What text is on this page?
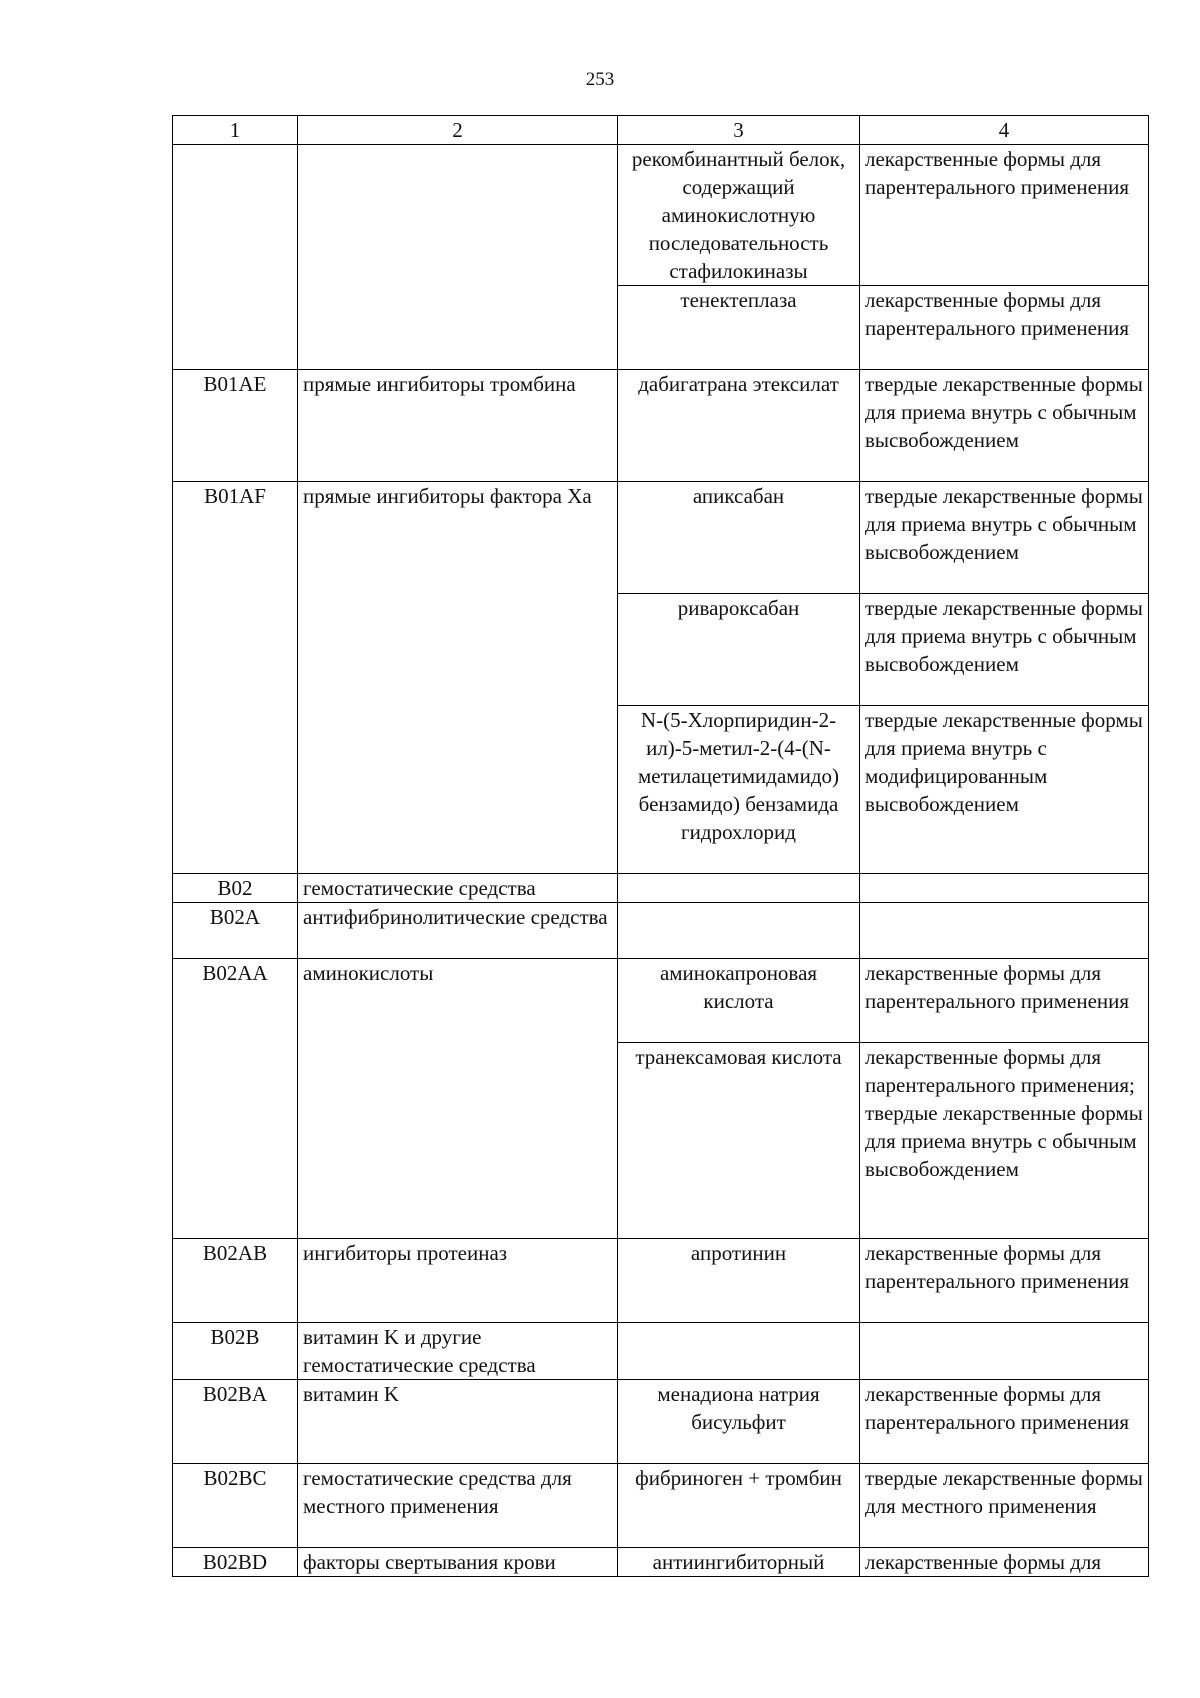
253
1	2	3	4
		рекомбинантный белок, содержащий аминокислотную последовательность стафилокиназы	лекарственные формы для парентерального применения
		тенектеплаза	лекарственные формы для парентерального применения
B01AE	прямые ингибиторы тромбина	дабигатрана этексилат	твердые лекарственные формы для приема внутрь с обычным высвобождением
B01AF	прямые ингибиторы фактора Xa	апиксабан	твердые лекарственные формы для приема внутрь с обычным высвобождением
		ривароксабан	твердые лекарственные формы для приема внутрь с обычным высвобождением
		N-(5-Хлорпиридин-2-ил)-5-метил-2-(4-(N-метилацетимидамидо) бензамидо) бензамида гидрохлорид	твердые лекарственные формы для приема внутрь с модифицированным высвобождением
B02	гемостатические средства		
B02A	антифибринолитические средства		
B02AA	аминокислоты	аминокапроновая кислота	лекарственные формы для парентерального применения
		транексамовая кислота	лекарственные формы для парентерального применения;
твердые лекарственные формы для приема внутрь с обычным высвобождением
B02AB	ингибиторы протеиназ	апротинин	лекарственные формы для парентерального применения
B02B	витамин K и другие гемостатические средства		
B02BA	витамин K	менадиона натрия бисульфит	лекарственные формы для парентерального применения
B02BC	гемостатические средства для местного применения	фибриноген + тромбин	твердые лекарственные формы для местного применения
B02BD	факторы свертывания крови	антиингибиторный	лекарственные формы для
